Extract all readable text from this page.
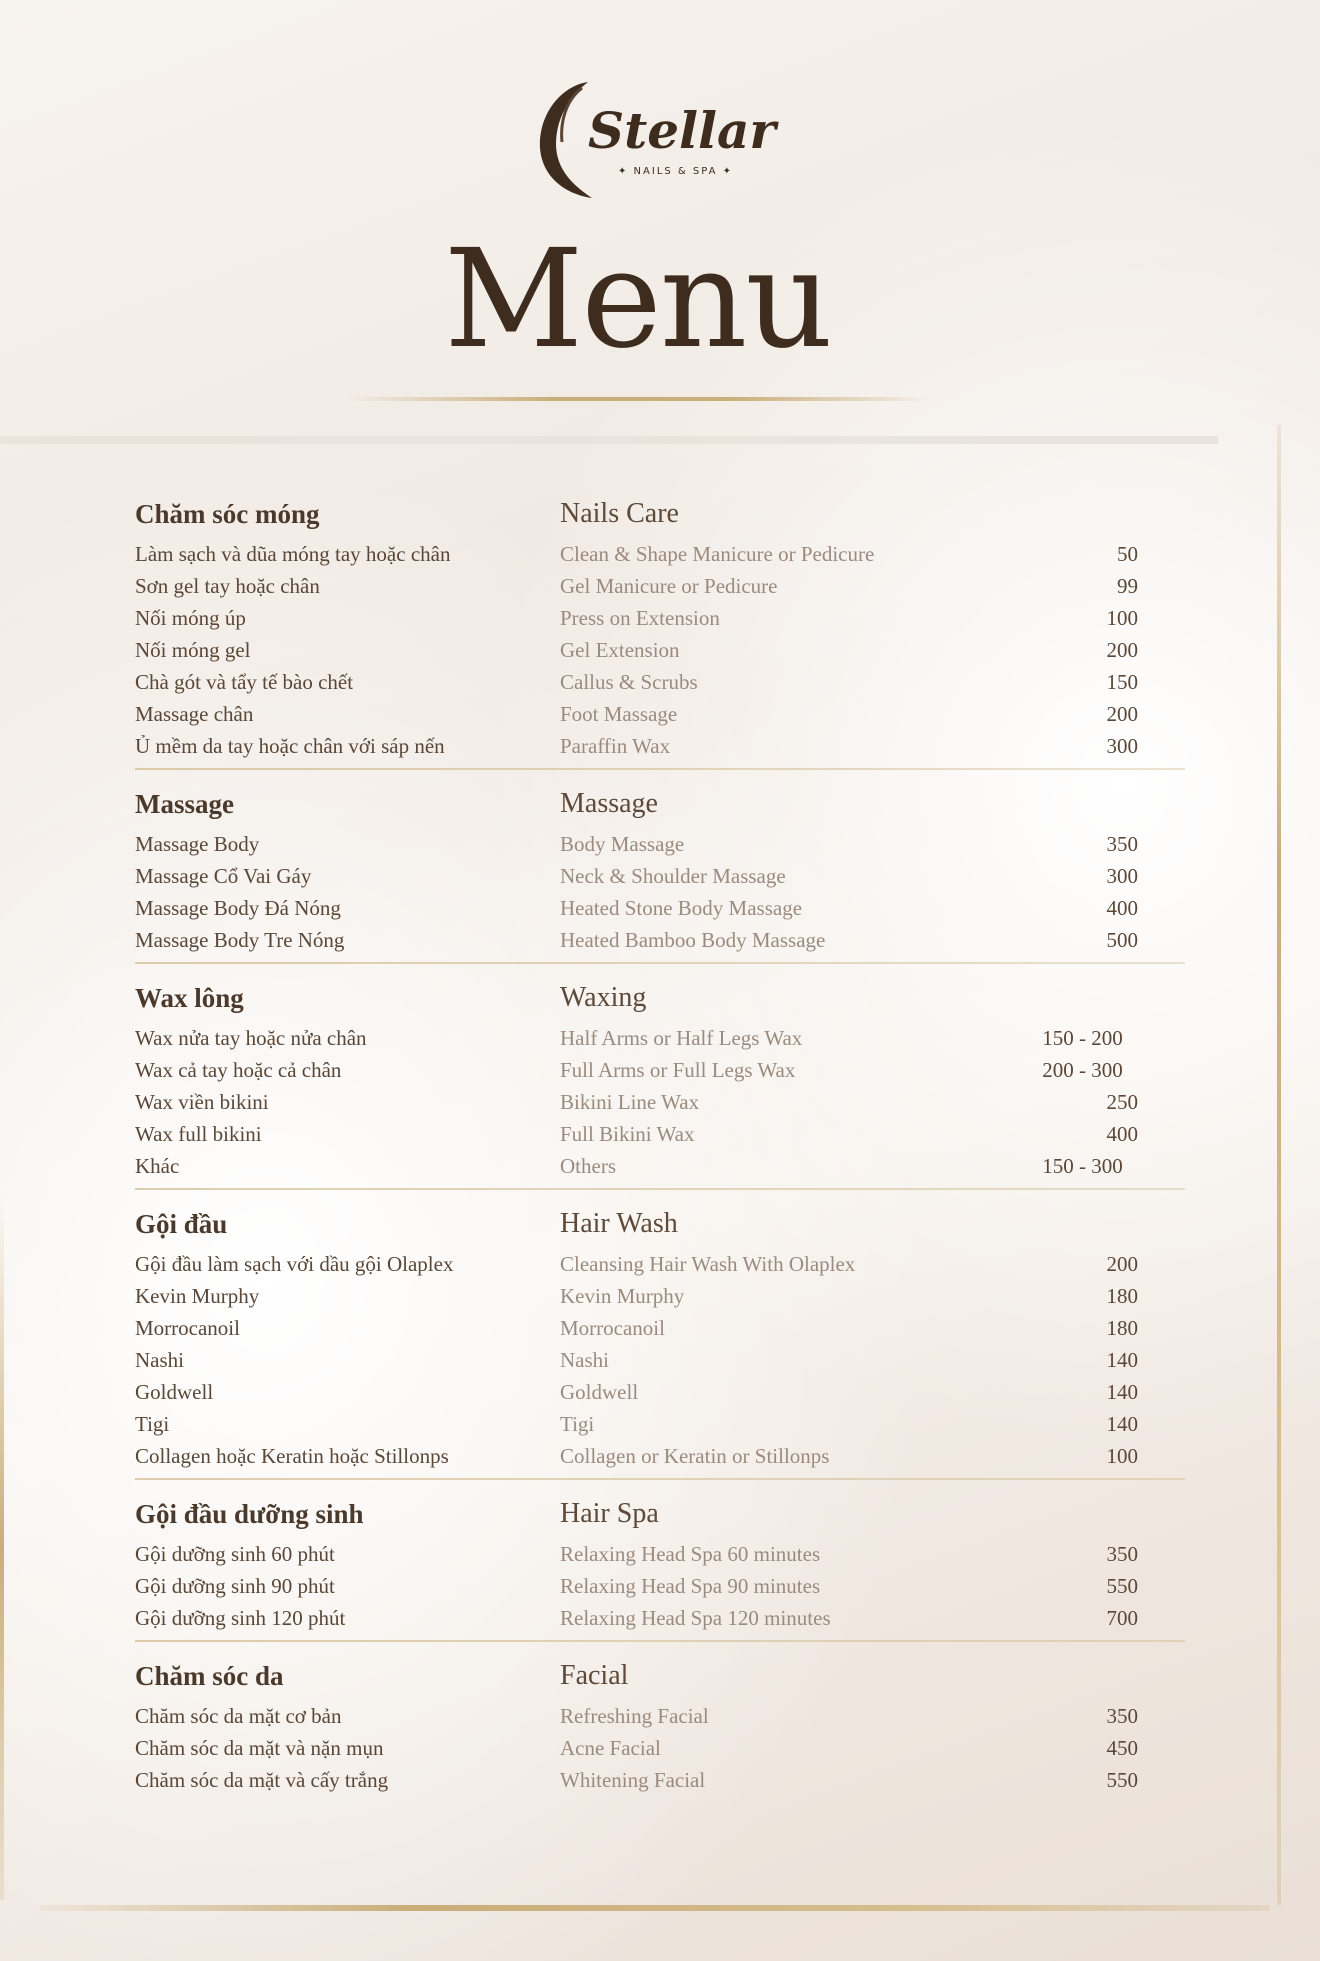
Stellar
✦ NAILS & SPA ✦
Menu
Chăm sóc móng	Nails Care
Làm sạch và dũa móng tay hoặc chân	Clean & Shape Manicure or Pedicure	50
Sơn gel tay hoặc chân	Gel Manicure or Pedicure	99
Nối móng úp	Press on Extension	100
Nối móng gel	Gel Extension	200
Chà gót và tẩy tế bào chết	Callus & Scrubs	150
Massage chân	Foot Massage	200
Ủ mềm da tay hoặc chân với sáp nến	Paraffin Wax	300
Massage	Massage
Massage Body	Body Massage	350
Massage Cổ Vai Gáy	Neck & Shoulder Massage	300
Massage Body Đá Nóng	Heated Stone Body Massage	400
Massage Body Tre Nóng	Heated Bamboo Body Massage	500
Wax lông	Waxing
Wax nửa tay hoặc nửa chân	Half Arms or Half Legs Wax	150 - 200
Wax cả tay hoặc cả chân	Full Arms or Full Legs Wax	200 - 300
Wax viền bikini	Bikini Line Wax	250
Wax full bikini	Full Bikini Wax	400
Khác	Others	150 - 300
Gội đầu	Hair Wash
Gội đầu làm sạch với dầu gội Olaplex	Cleansing Hair Wash With Olaplex	200
Kevin Murphy	Kevin Murphy	180
Morrocanoil	Morrocanoil	180
Nashi	Nashi	140
Goldwell	Goldwell	140
Tigi	Tigi	140
Collagen hoặc Keratin hoặc Stillonps	Collagen or Keratin or Stillonps	100
Gội đầu dưỡng sinh	Hair Spa
Gội dưỡng sinh 60 phút	Relaxing Head Spa 60 minutes	350
Gội dưỡng sinh 90 phút	Relaxing Head Spa 90 minutes	550
Gội dưỡng sinh 120 phút	Relaxing Head Spa 120 minutes	700
Chăm sóc da	Facial
Chăm sóc da mặt cơ bản	Refreshing Facial	350
Chăm sóc da mặt và nặn mụn	Acne Facial	450
Chăm sóc da mặt và cấy trắng	Whitening Facial	550
